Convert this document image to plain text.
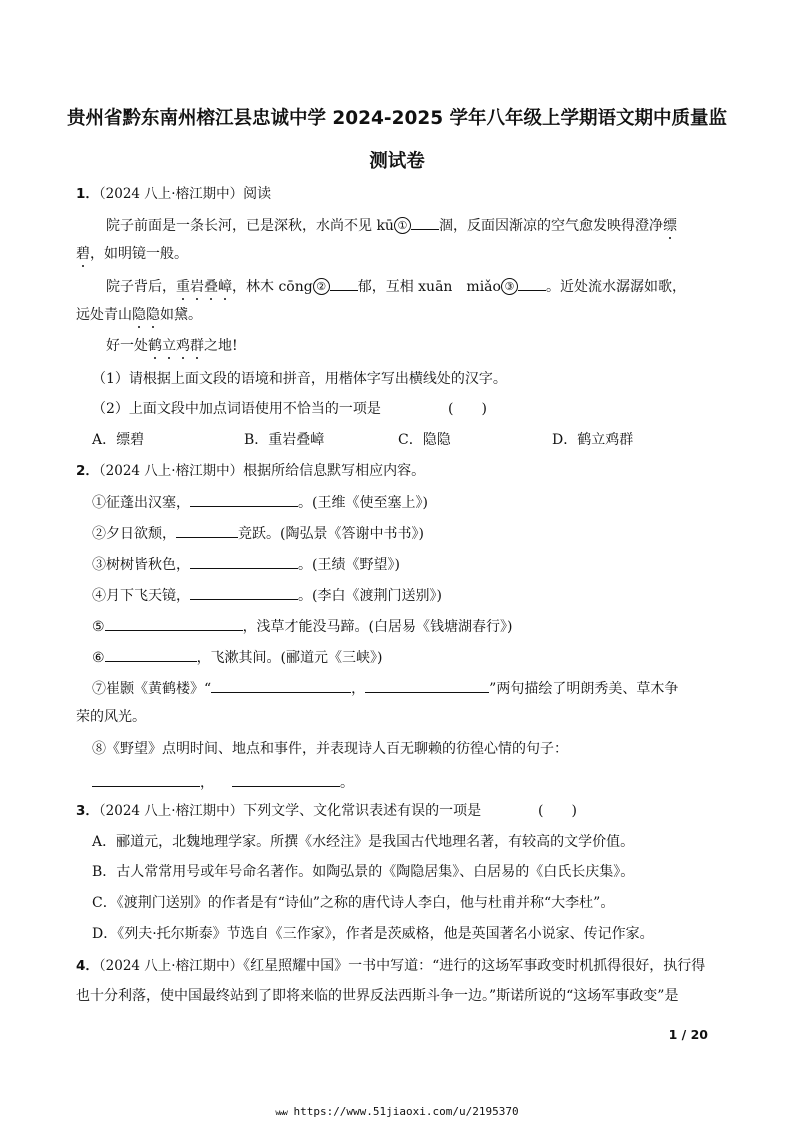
贵州省黔东南州榕江县忠诚中学 2024-2025 学年八年级上学期语文期中质量监
测试卷
1．（2024 八上·榕江期中）阅读
院子前面是一条长河，已是深秋，水尚不见 kū ① 涸，反面因渐凉的空气愈发映得澄净缥
碧，如明镜一般。
院子背后，重岩叠嶂，林木 cōng ② 郁，互相 xuān　miǎo ③ 。近处流水潺潺如歌，
远处青山隐隐如黛。
好一处鹤立鸡群之地!
（1）请根据上面文段的语境和拼音，用楷体字写出横线处的汉字。
（2）上面文段中加点词语使用不恰当的一项是	(　　)
A．缥碧	B．重岩叠嶂	C．隐隐	D．鹤立鸡群
2．（2024 八上·榕江期中）根据所给信息默写相应内容。
①征蓬出汉塞，	。(王维《使至塞上》)
②夕日欲颓，	竞跃。(陶弘景《答谢中书书》)
③树树皆秋色，	。(王绩《野望》)
④月下飞天镜，	。(李白《渡荆门送别》)
⑤	，浅草才能没马蹄。(白居易《钱塘湖春行》)
⑥	，飞漱其间。(郦道元《三峡》)
⑦崔颢《黄鹤楼》“	，	”两句描绘了明朗秀美、草木争
荣的风光。
⑧《野望》点明时间、地点和事件，并表现诗人百无聊赖的彷徨心情的句子：
，	。
3．（2024 八上·榕江期中）下列文学、文化常识表述有误的一项是	(　　)
A．郦道元，北魏地理学家。所撰《水经注》是我国古代地理名著，有较高的文学价值。
B．古人常常用号或年号命名著作。如陶弘景的《陶隐居集》、白居易的《白氏长庆集》。
C．《渡荆门送别》的作者是有“诗仙”之称的唐代诗人李白，他与杜甫并称“大李杜”。
D．《列夫·托尔斯泰》节选自《三作家》，作者是茨威格，他是英国著名小说家、传记作家。
4．（2024 八上·榕江期中）《红星照耀中国》一书中写道：“进行的这场军事政变时机抓得很好，执行得
也十分利落，使中国最终站到了即将来临的世界反法西斯斗争一边。”斯诺所说的“这场军事政变”是
1 / 20
www https://www.51jiaoxi.com/u/2195370
